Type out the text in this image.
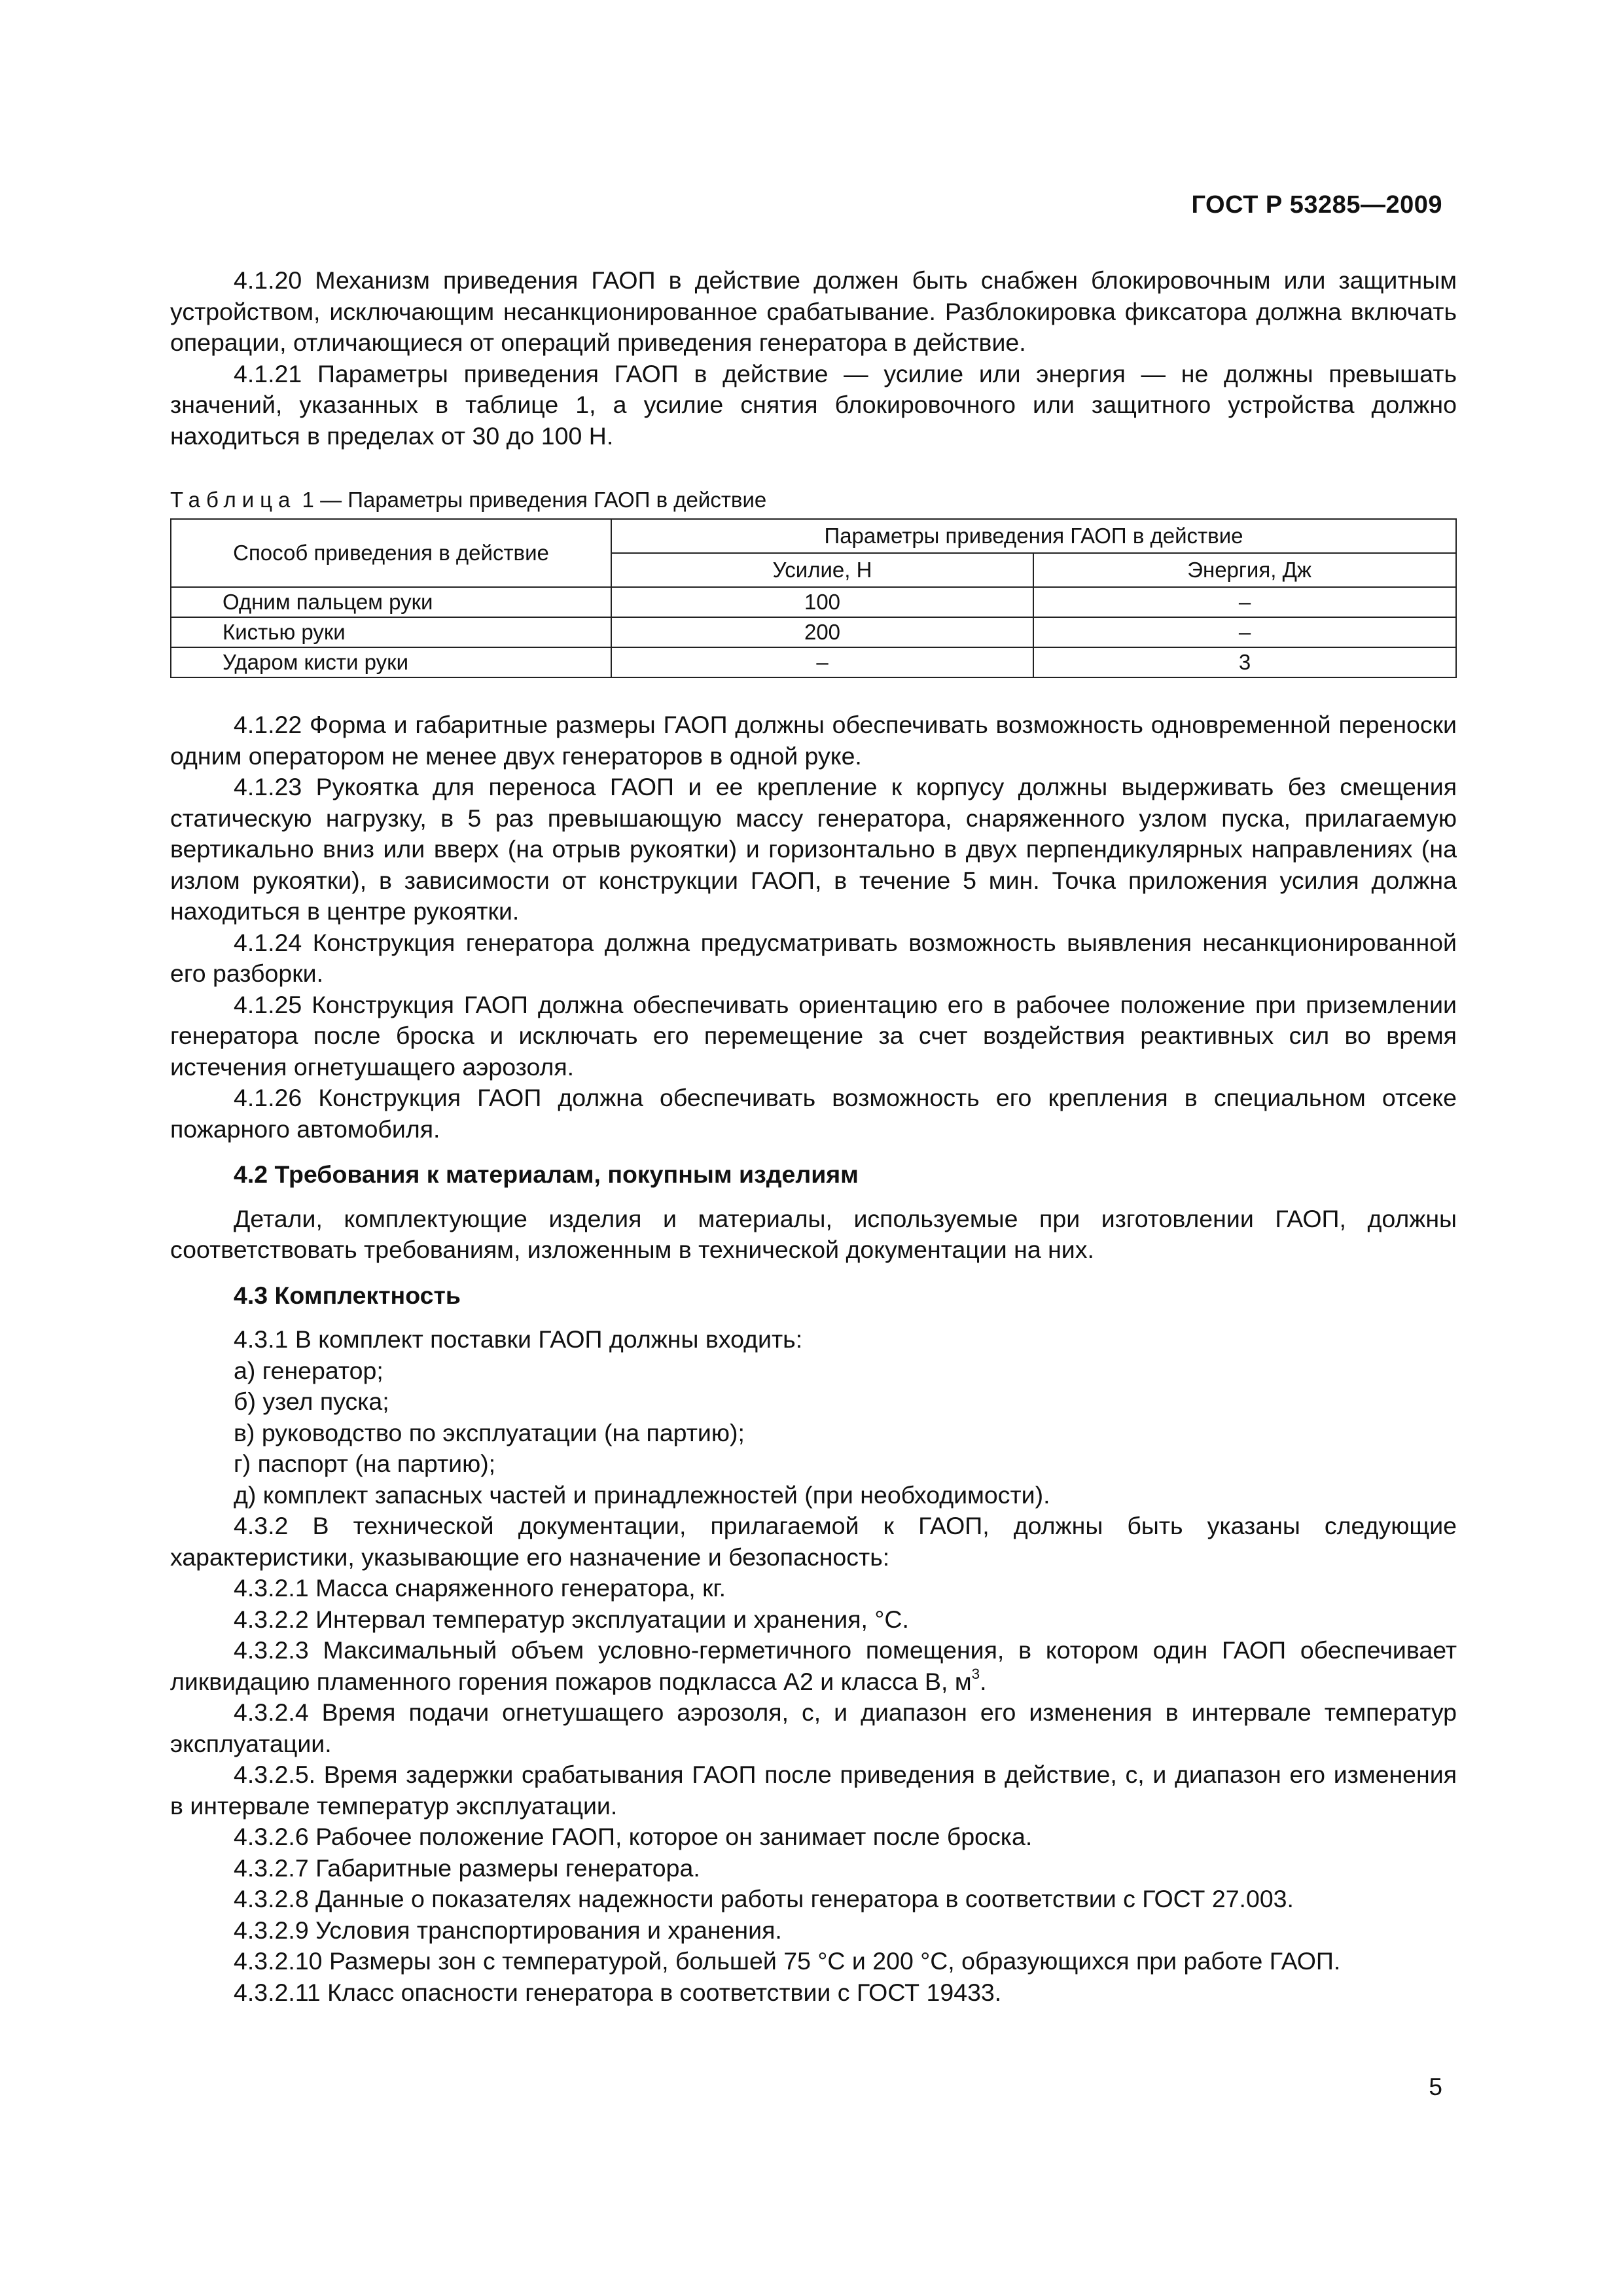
ГОСТ Р 53285—2009

4.1.20 Механизм приведения ГАОП в действие должен быть снабжен блокировочным или защитным устройством, исключающим несанкционированное срабатывание. Разблокировка фиксатора должна включать операции, отличающиеся от операций приведения генератора в действие.

4.1.21 Параметры приведения ГАОП в действие — усилие или энергия — не должны превышать значений, указанных в таблице 1, а усилие снятия блокировочного или защитного устройства должно находиться в пределах от 30 до 100 Н.

Таблица 1 — Параметры приведения ГАОП в действие
Способ приведения в действие	Параметры приведения ГАОП в действие	
	Усилие, Н	Энергия, Дж
Одним пальцем руки	100	–
Кистью руки	200	–
Ударом кисти руки	–	3

4.1.22 Форма и габаритные размеры ГАОП должны обеспечивать возможность одновременной переноски одним оператором не менее двух генераторов в одной руке.

4.1.23 Рукоятка для переноса ГАОП и ее крепление к корпусу должны выдерживать без смещения статическую нагрузку, в 5 раз превышающую массу генератора, снаряженного узлом пуска, прилагаемую вертикально вниз или вверх (на отрыв рукоятки) и горизонтально в двух перпендикулярных направлениях (на излом рукоятки), в зависимости от конструкции ГАОП, в течение 5 мин. Точка приложения усилия должна находиться в центре рукоятки.

4.1.24 Конструкция генератора должна предусматривать возможность выявления несанкционированной его разборки.

4.1.25 Конструкция ГАОП должна обеспечивать ориентацию его в рабочее положение при приземлении генератора после броска и исключать его перемещение за счет воздействия реактивных сил во время истечения огнетушащего аэрозоля.

4.1.26 Конструкция ГАОП должна обеспечивать возможность его крепления в специальном отсеке пожарного автомобиля.

4.2 Требования к материалам, покупным изделиям

Детали, комплектующие изделия и материалы, используемые при изготовлении ГАОП, должны соответствовать требованиям, изложенным в технической документации на них.

4.3 Комплектность

4.3.1 В комплект поставки ГАОП должны входить:

а) генератор;

б) узел пуска;

в) руководство по эксплуатации (на партию);

г) паспорт (на партию);

д) комплект запасных частей и принадлежностей (при необходимости).

4.3.2 В технической документации, прилагаемой к ГАОП, должны быть указаны следующие характеристики, указывающие его назначение и безопасность:

4.3.2.1 Масса снаряженного генератора, кг.

4.3.2.2 Интервал температур эксплуатации и хранения, °С.

4.3.2.3 Максимальный объем условно-герметичного помещения, в котором один ГАОП обеспечивает ликвидацию пламенного горения пожаров подкласса А2 и класса В, $м^3$.

4.3.2.4 Время подачи огнетушащего аэрозоля, с, и диапазон его изменения в интервале температур эксплуатации.

4.3.2.5. Время задержки срабатывания ГАОП после приведения в действие, с, и диапазон его изменения в интервале температур эксплуатации.

4.3.2.6 Рабочее положение ГАОП, которое он занимает после броска.

4.3.2.7 Габаритные размеры генератора.

4.3.2.8 Данные о показателях надежности работы генератора в соответствии с ГОСТ 27.003.

4.3.2.9 Условия транспортирования и хранения.

4.3.2.10 Размеры зон с температурой, большей 75 °С и 200 °С, образующихся при работе ГАОП.

4.3.2.11 Класс опасности генератора в соответствии с ГОСТ 19433.

5
